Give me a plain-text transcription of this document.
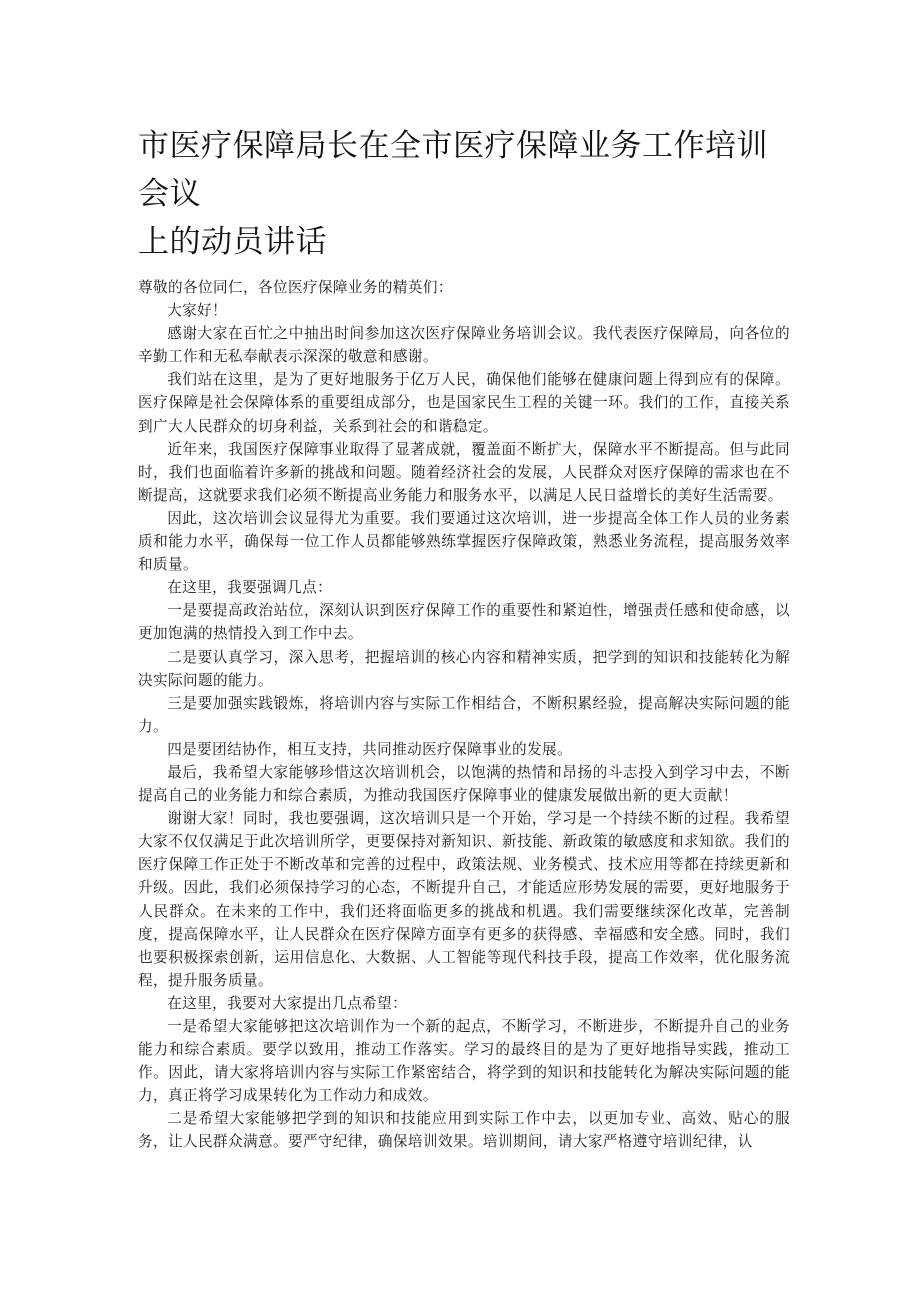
市医疗保障局长在全市医疗保障业务工作培训会议
上的动员讲话

尊敬的各位同仁，各位医疗保障业务的精英们：

大家好！

感谢大家在百忙之中抽出时间参加这次医疗保障业务培训会议。我代表医疗保障局，向各位的辛勤工作和无私奉献表示深深的敬意和感谢。

我们站在这里，是为了更好地服务于亿万人民，确保他们能够在健康问题上得到应有的保障。医疗保障是社会保障体系的重要组成部分，也是国家民生工程的关键一环。我们的工作，直接关系到广大人民群众的切身利益，关系到社会的和谐稳定。

近年来，我国医疗保障事业取得了显著成就，覆盖面不断扩大，保障水平不断提高。但与此同时，我们也面临着许多新的挑战和问题。随着经济社会的发展，人民群众对医疗保障的需求也在不断提高，这就要求我们必须不断提高业务能力和服务水平，以满足人民日益增长的美好生活需要。

因此，这次培训会议显得尤为重要。我们要通过这次培训，进一步提高全体工作人员的业务素质和能力水平，确保每一位工作人员都能够熟练掌握医疗保障政策，熟悉业务流程，提高服务效率和质量。

在这里，我要强调几点：

一是要提高政治站位，深刻认识到医疗保障工作的重要性和紧迫性，增强责任感和使命感，以更加饱满的热情投入到工作中去。

二是要认真学习，深入思考，把握培训的核心内容和精神实质，把学到的知识和技能转化为解决实际问题的能力。

三是要加强实践锻炼，将培训内容与实际工作相结合，不断积累经验，提高解决实际问题的能力。

四是要团结协作，相互支持，共同推动医疗保障事业的发展。

最后，我希望大家能够珍惜这次培训机会，以饱满的热情和昂扬的斗志投入到学习中去，不断提高自己的业务能力和综合素质，为推动我国医疗保障事业的健康发展做出新的更大贡献！

谢谢大家！同时，我也要强调，这次培训只是一个开始，学习是一个持续不断的过程。我希望大家不仅仅满足于此次培训所学，更要保持对新知识、新技能、新政策的敏感度和求知欲。我们的医疗保障工作正处于不断改革和完善的过程中，政策法规、业务模式、技术应用等都在持续更新和升级。因此，我们必须保持学习的心态，不断提升自己，才能适应形势发展的需要，更好地服务于人民群众。在未来的工作中，我们还将面临更多的挑战和机遇。我们需要继续深化改革，完善制度，提高保障水平，让人民群众在医疗保障方面享有更多的获得感、幸福感和安全感。同时，我们也要积极探索创新，运用信息化、大数据、人工智能等现代科技手段，提高工作效率，优化服务流程，提升服务质量。

在这里，我要对大家提出几点希望：

一是希望大家能够把这次培训作为一个新的起点，不断学习，不断进步，不断提升自己的业务能力和综合素质。要学以致用，推动工作落实。学习的最终目的是为了更好地指导实践，推动工作。因此，请大家将培训内容与实际工作紧密结合，将学到的知识和技能转化为解决实际问题的能力，真正将学习成果转化为工作动力和成效。

二是希望大家能够把学到的知识和技能应用到实际工作中去，以更加专业、高效、贴心的服务，让人民群众满意。要严守纪律，确保培训效果。培训期间，请大家严格遵守培训纪律，认
